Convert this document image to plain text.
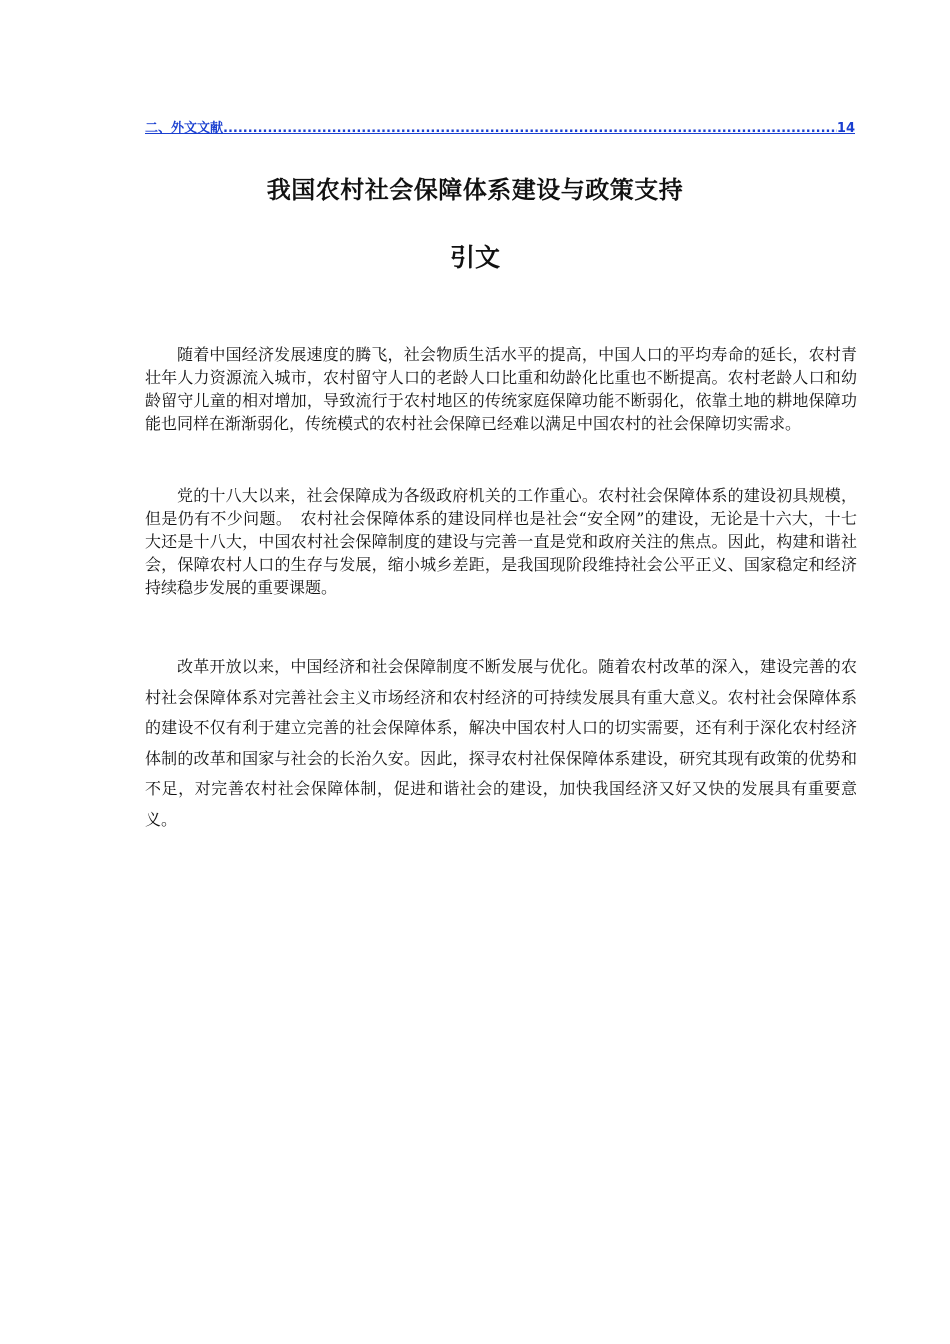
二、外文文献
.....	14
我国农村社会保障体系建设与政策支持
引文

随着中国经济发展速度的腾飞，社会物质生活水平的提高，中国人口的平均寿命的延长，农村青壮年人力资源流入城市，农村留守人口的老龄人口比重和幼龄化比重也不断提高。农村老龄人口和幼龄留守儿童的相对增加，导致流行于农村地区的传统家庭保障功能不断弱化，依靠土地的耕地保障功能也同样在渐渐弱化，传统模式的农村社会保障已经难以满足中国农村的社会保障切实需求。

党的十八大以来，社会保障成为各级政府机关的工作重心。农村社会保障体系的建设初具规模，但是仍有不少问题。　农村社会保障体系的建设同样也是社会“安全网”的建设，无论是十六大，十七大还是十八大，中国农村社会保障制度的建设与完善一直是党和政府关注的焦点。因此，构建和谐社会，保障农村人口的生存与发展，缩小城乡差距，是我国现阶段维持社会公平正义、国家稳定和经济持续稳步发展的重要课题。

改革开放以来，中国经济和社会保障制度不断发展与优化。随着农村改革的深入，建设完善的农村社会保障体系对完善社会主义市场经济和农村经济的可持续发展具有重大意义。农村社会保障体系的建设不仅有利于建立完善的社会保障体系，解决中国农村人口的切实需要，还有利于深化农村经济体制的改革和国家与社会的长治久安。因此，探寻农村社保保障体系建设，研究其现有政策的优势和不足，对完善农村社会保障体制，促进和谐社会的建设，加快我国经济又好又快的发展具有重要意义。
